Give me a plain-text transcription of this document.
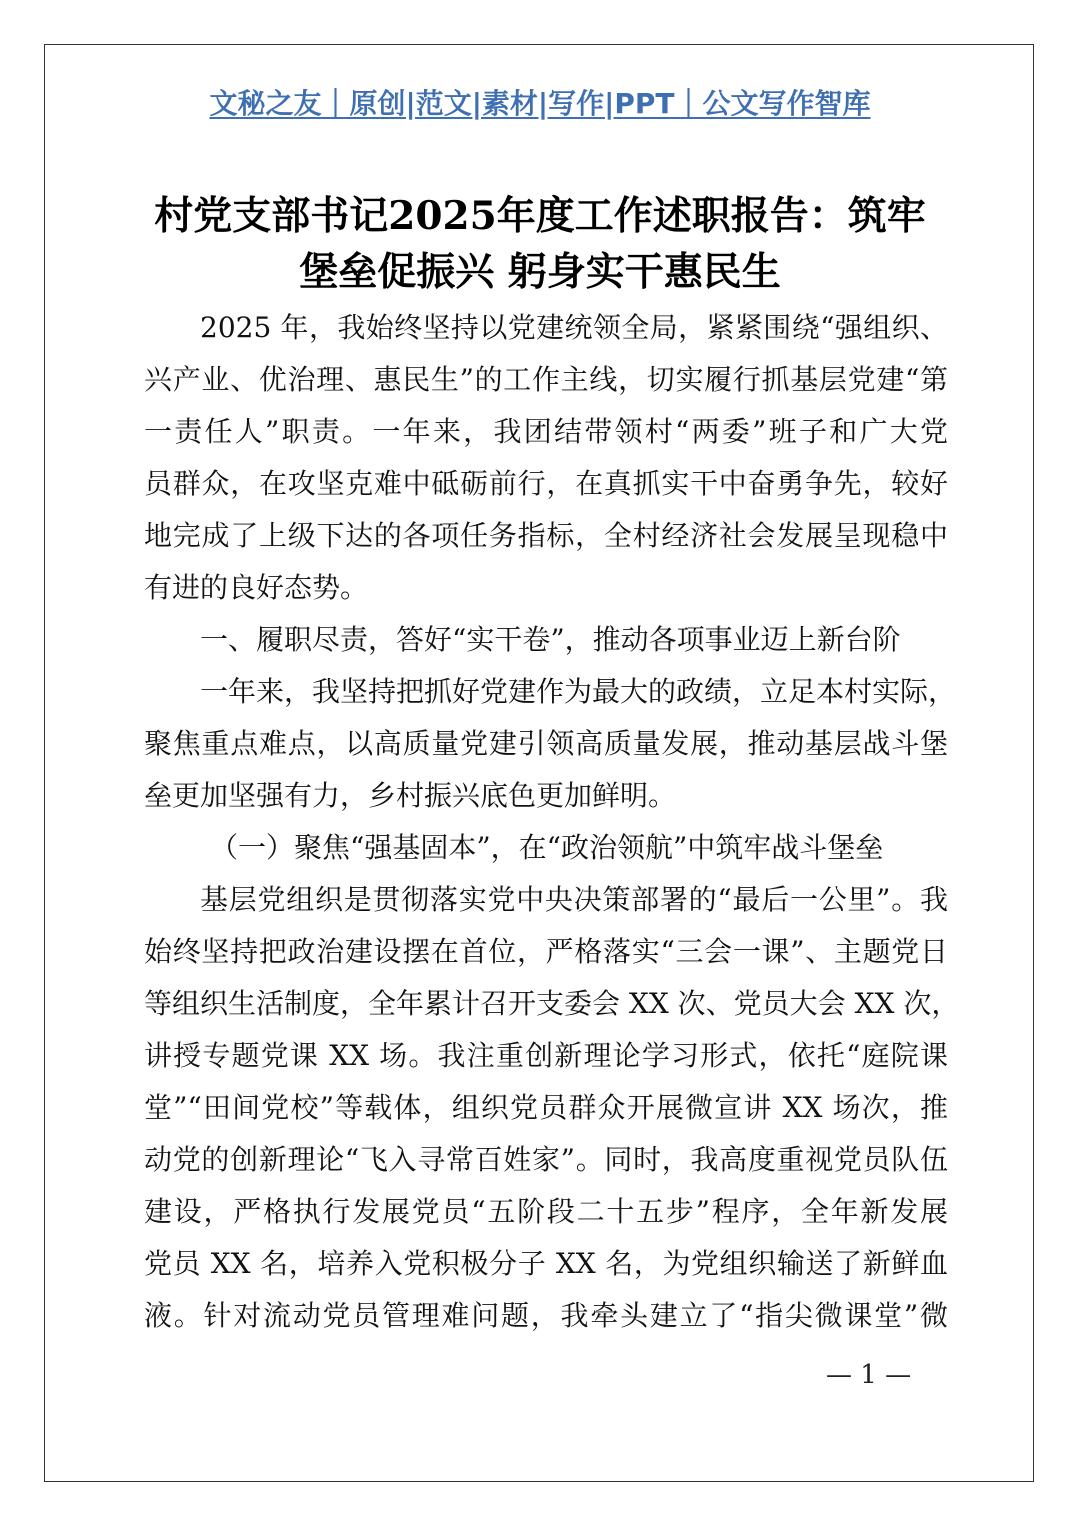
文秘之友｜原创|范文|素材|写作|PPT｜公文写作智库
村党支部书记2025年度工作述职报告：筑牢
堡垒促振兴 躬身实干惠民生
2025 年，我始终坚持以党建统领全局，紧紧围绕“强组织、
兴产业、优治理、惠民生”的工作主线，切实履行抓基层党建“第
一责任人”职责。一年来，我团结带领村“两委”班子和广大党
员群众，在攻坚克难中砥砺前行，在真抓实干中奋勇争先，较好
地完成了上级下达的各项任务指标，全村经济社会发展呈现稳中
有进的良好态势。
一、履职尽责，答好“实干卷”，推动各项事业迈上新台阶
一年来，我坚持把抓好党建作为最大的政绩，立足本村实际，
聚焦重点难点，以高质量党建引领高质量发展，推动基层战斗堡
垒更加坚强有力，乡村振兴底色更加鲜明。
（一）聚焦“强基固本”，在“政治领航”中筑牢战斗堡垒
基层党组织是贯彻落实党中央决策部署的“最后一公里”。我
始终坚持把政治建设摆在首位，严格落实“三会一课”、主题党日
等组织生活制度，全年累计召开支委会 XX 次、党员大会 XX 次，
讲授专题党课 XX 场。我注重创新理论学习形式，依托“庭院课
堂”“田间党校”等载体，组织党员群众开展微宣讲 XX 场次，推
动党的创新理论“飞入寻常百姓家”。同时，我高度重视党员队伍
建设，严格执行发展党员“五阶段二十五步”程序，全年新发展
党员 XX 名，培养入党积极分子 XX 名，为党组织输送了新鲜血
液。针对流动党员管理难问题，我牵头建立了“指尖微课堂”微
— 1 —
